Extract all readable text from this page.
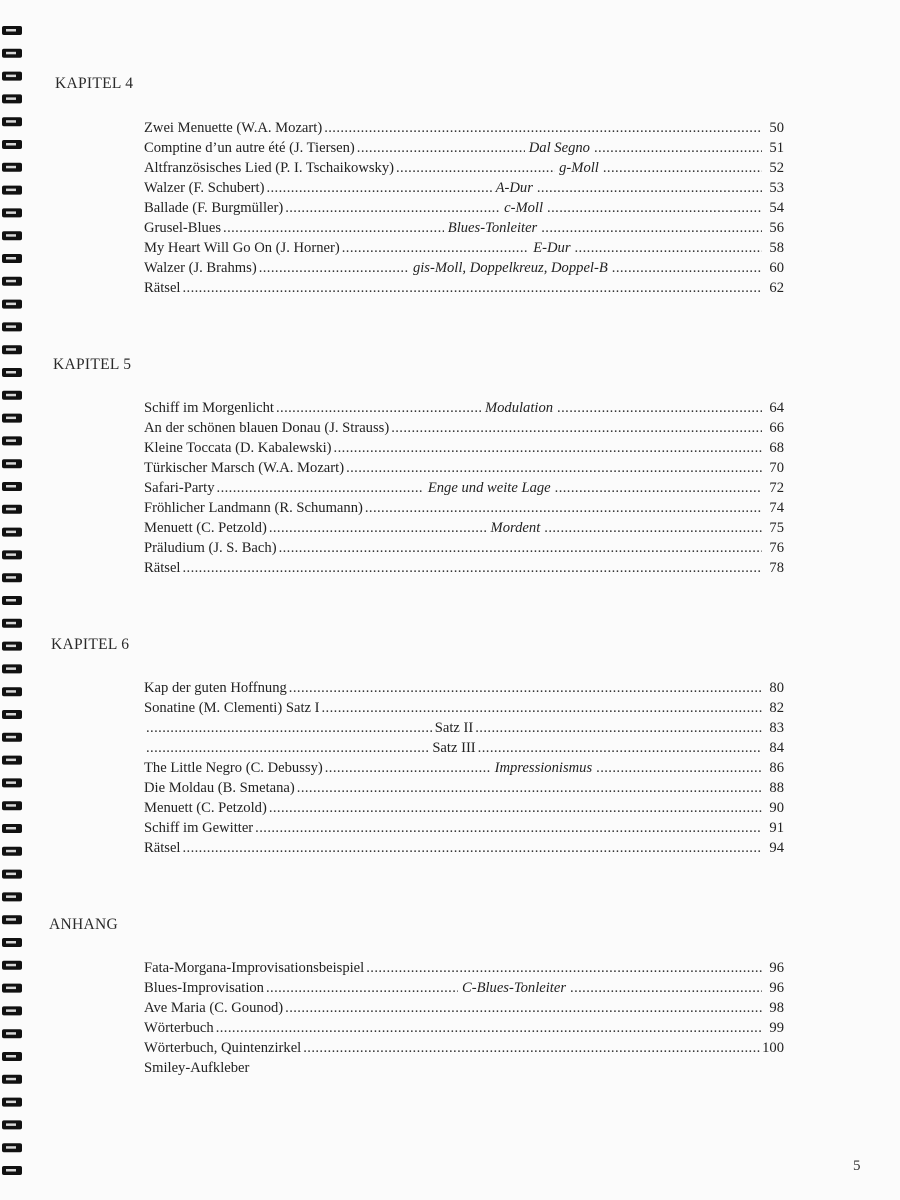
KAPITEL 4
Zwei Menuette (W.A. Mozart) .....	50
Comptine d’un autre été (J. Tiersen) .....	Dal Segno .....	51
Altfranzösisches Lied (P. I. Tschaikowsky) .....	g-Moll .....	52
Walzer (F. Schubert) .....	A-Dur .....	53
Ballade (F. Burgmüller) .....	c-Moll .....	54
Grusel-Blues .....	Blues-Tonleiter .....	56
My Heart Will Go On (J. Horner) .....	E-Dur .....	58
Walzer (J. Brahms) .....	gis-Moll, Doppelkreuz, Doppel-B .....	60
Rätsel .....	62
KAPITEL 5
Schiff im Morgenlicht .....	Modulation .....	64
An der schönen blauen Donau (J. Strauss) .....	66
Kleine Toccata (D. Kabalewski) .....	68
Türkischer Marsch (W.A. Mozart) .....	70
Safari-Party .....	Enge und weite Lage .....	72
Fröhlicher Landmann (R. Schumann) .....	74
Menuett (C. Petzold) .....	Mordent .....	75
Präludium (J. S. Bach) .....	76
Rätsel .....	78
KAPITEL 6
Kap der guten Hoffnung .....	80
Sonatine (M. Clementi) Satz I .....	82
.....
Satz II .....	83
.....
Satz III .....	84
The Little Negro (C. Debussy) .....	Impressionismus .....	86
Die Moldau (B. Smetana) .....	88
Menuett (C. Petzold) .....	90
Schiff im Gewitter .....	91
Rätsel .....	94
ANHANG
Fata-Morgana-Improvisationsbeispiel .....	96
Blues-Improvisation .....	C-Blues-Tonleiter .....	96
Ave Maria (C. Gounod) .....	98
Wörterbuch .....	99
Wörterbuch, Quintenzirkel .....	100
Smiley-Aufkleber
5
